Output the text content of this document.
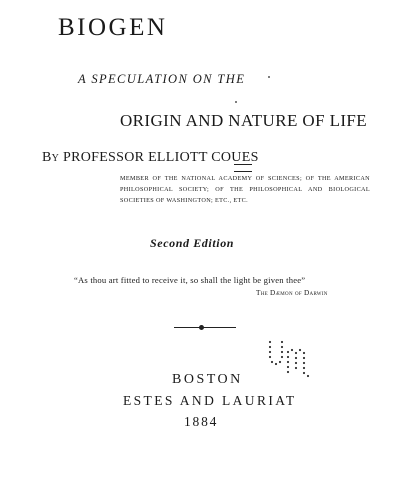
BIOGEN
A SPECULATION ON THE
ORIGIN AND NATURE OF LIFE
By PROFESSOR ELLIOTT COUES
MEMBER OF THE NATIONAL ACADEMY OF SCIENCES; OF THE AMERICAN PHILOSOPHICAL SOCIETY; OF THE PHILOSOPHICAL AND BIOLOGICAL SOCIETIES OF WASHINGTON; ETC., ETC.
Second Edition
“As thou art fitted to receive it, so shall the light be given thee”
The Dæmon of Darwin
BOSTON
ESTES AND LAURIAT
1884
